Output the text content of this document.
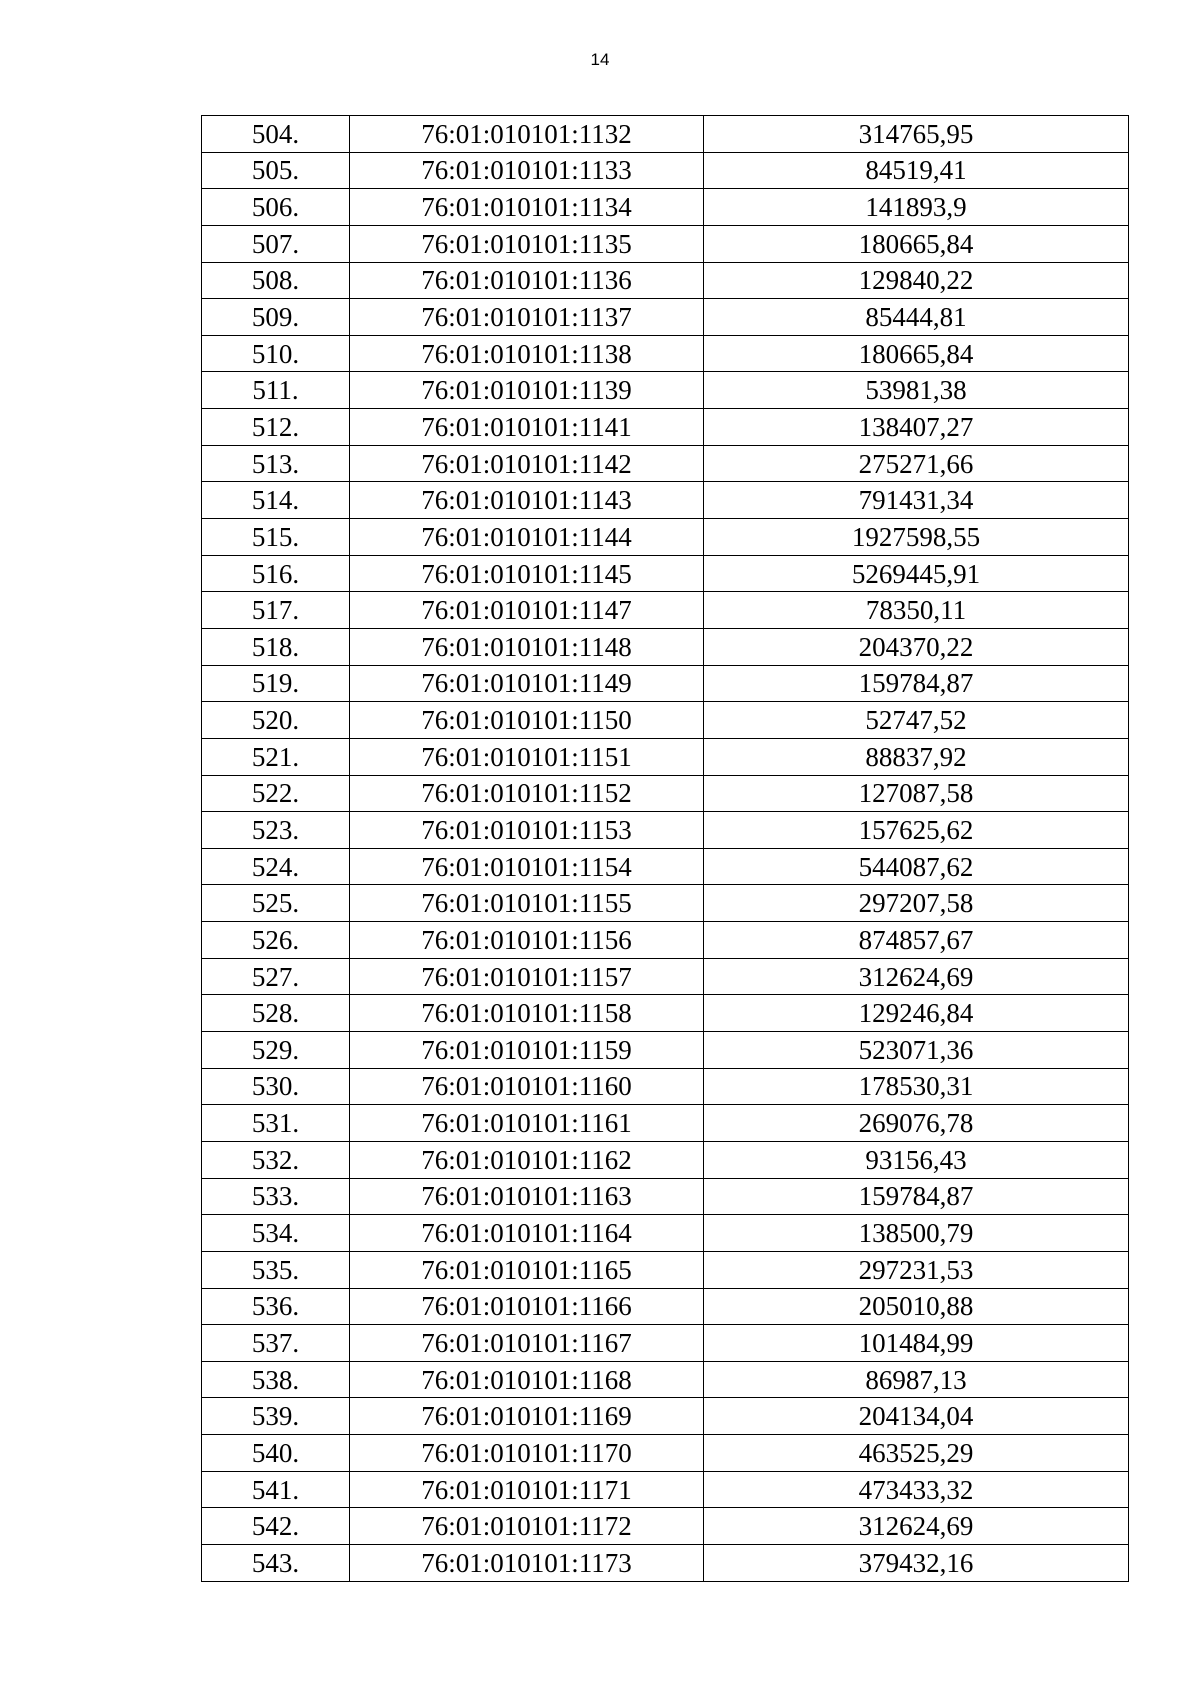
14
504.	76:01:010101:1132	314765,95
505.	76:01:010101:1133	84519,41
506.	76:01:010101:1134	141893,9
507.	76:01:010101:1135	180665,84
508.	76:01:010101:1136	129840,22
509.	76:01:010101:1137	85444,81
510.	76:01:010101:1138	180665,84
511.	76:01:010101:1139	53981,38
512.	76:01:010101:1141	138407,27
513.	76:01:010101:1142	275271,66
514.	76:01:010101:1143	791431,34
515.	76:01:010101:1144	1927598,55
516.	76:01:010101:1145	5269445,91
517.	76:01:010101:1147	78350,11
518.	76:01:010101:1148	204370,22
519.	76:01:010101:1149	159784,87
520.	76:01:010101:1150	52747,52
521.	76:01:010101:1151	88837,92
522.	76:01:010101:1152	127087,58
523.	76:01:010101:1153	157625,62
524.	76:01:010101:1154	544087,62
525.	76:01:010101:1155	297207,58
526.	76:01:010101:1156	874857,67
527.	76:01:010101:1157	312624,69
528.	76:01:010101:1158	129246,84
529.	76:01:010101:1159	523071,36
530.	76:01:010101:1160	178530,31
531.	76:01:010101:1161	269076,78
532.	76:01:010101:1162	93156,43
533.	76:01:010101:1163	159784,87
534.	76:01:010101:1164	138500,79
535.	76:01:010101:1165	297231,53
536.	76:01:010101:1166	205010,88
537.	76:01:010101:1167	101484,99
538.	76:01:010101:1168	86987,13
539.	76:01:010101:1169	204134,04
540.	76:01:010101:1170	463525,29
541.	76:01:010101:1171	473433,32
542.	76:01:010101:1172	312624,69
543.	76:01:010101:1173	379432,16
